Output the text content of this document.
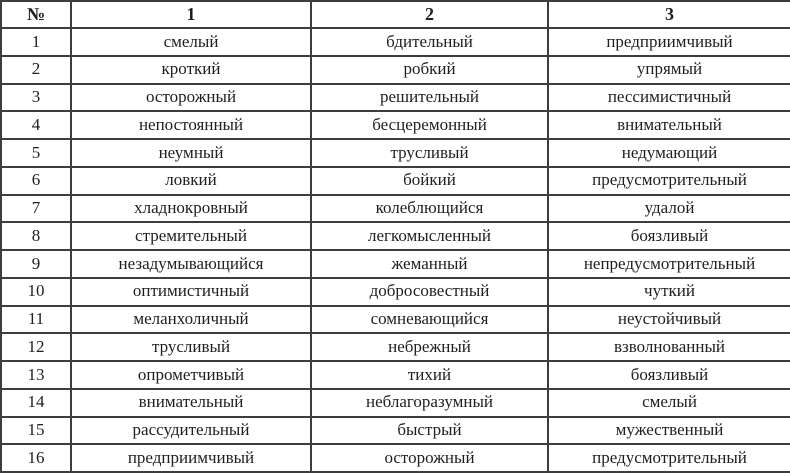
№	1	2	3
1	смелый	бдительный	предприимчивый
2	кроткий	робкий	упрямый
3	осторожный	решительный	пессимистичный
4	непостоянный	бесцеремонный	внимательный
5	неумный	трусливый	недумающий
6	ловкий	бойкий	предусмотрительный
7	хладнокровный	колеблющийся	удалой
8	стремительный	легкомысленный	боязливый
9	незадумывающийся	жеманный	непредусмотрительный
10	оптимистичный	добросовестный	чуткий
11	меланхоличный	сомневающийся	неустойчивый
12	трусливый	небрежный	взволнованный
13	опрометчивый	тихий	боязливый
14	внимательный	неблагоразумный	смелый
15	рассудительный	быстрый	мужественный
16	предприимчивый	осторожный	предусмотрительный
